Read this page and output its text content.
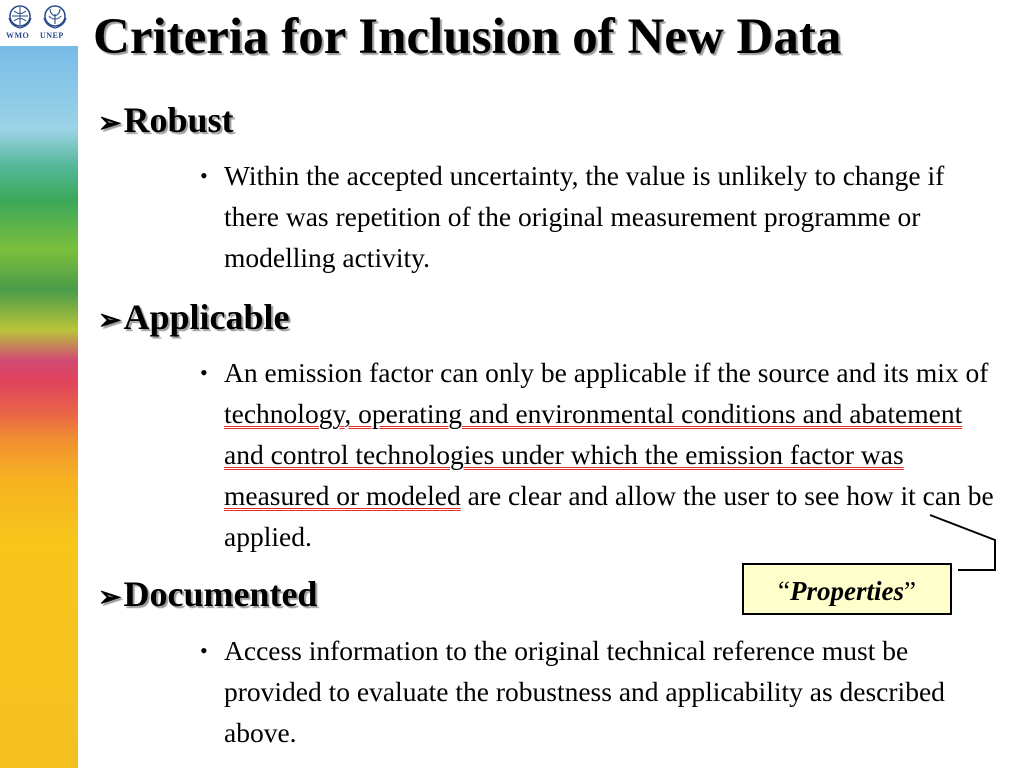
WMO UNEP Criteria for Inclusion of New Data
➢Robust
• Within the accepted uncertainty, the value is unlikely to change if there was repetition of the original measurement programme or modelling activity.
➢Applicable
• An emission factor can only be applicable if the source and its mix of technology, operating and environmental conditions and abatement and control technologies under which the emission factor was measured or modeled are clear and allow the user to see how it can be applied.
“Properties”
➢Documented
• Access information to the original technical reference must be provided to evaluate the robustness and applicability as described above.
